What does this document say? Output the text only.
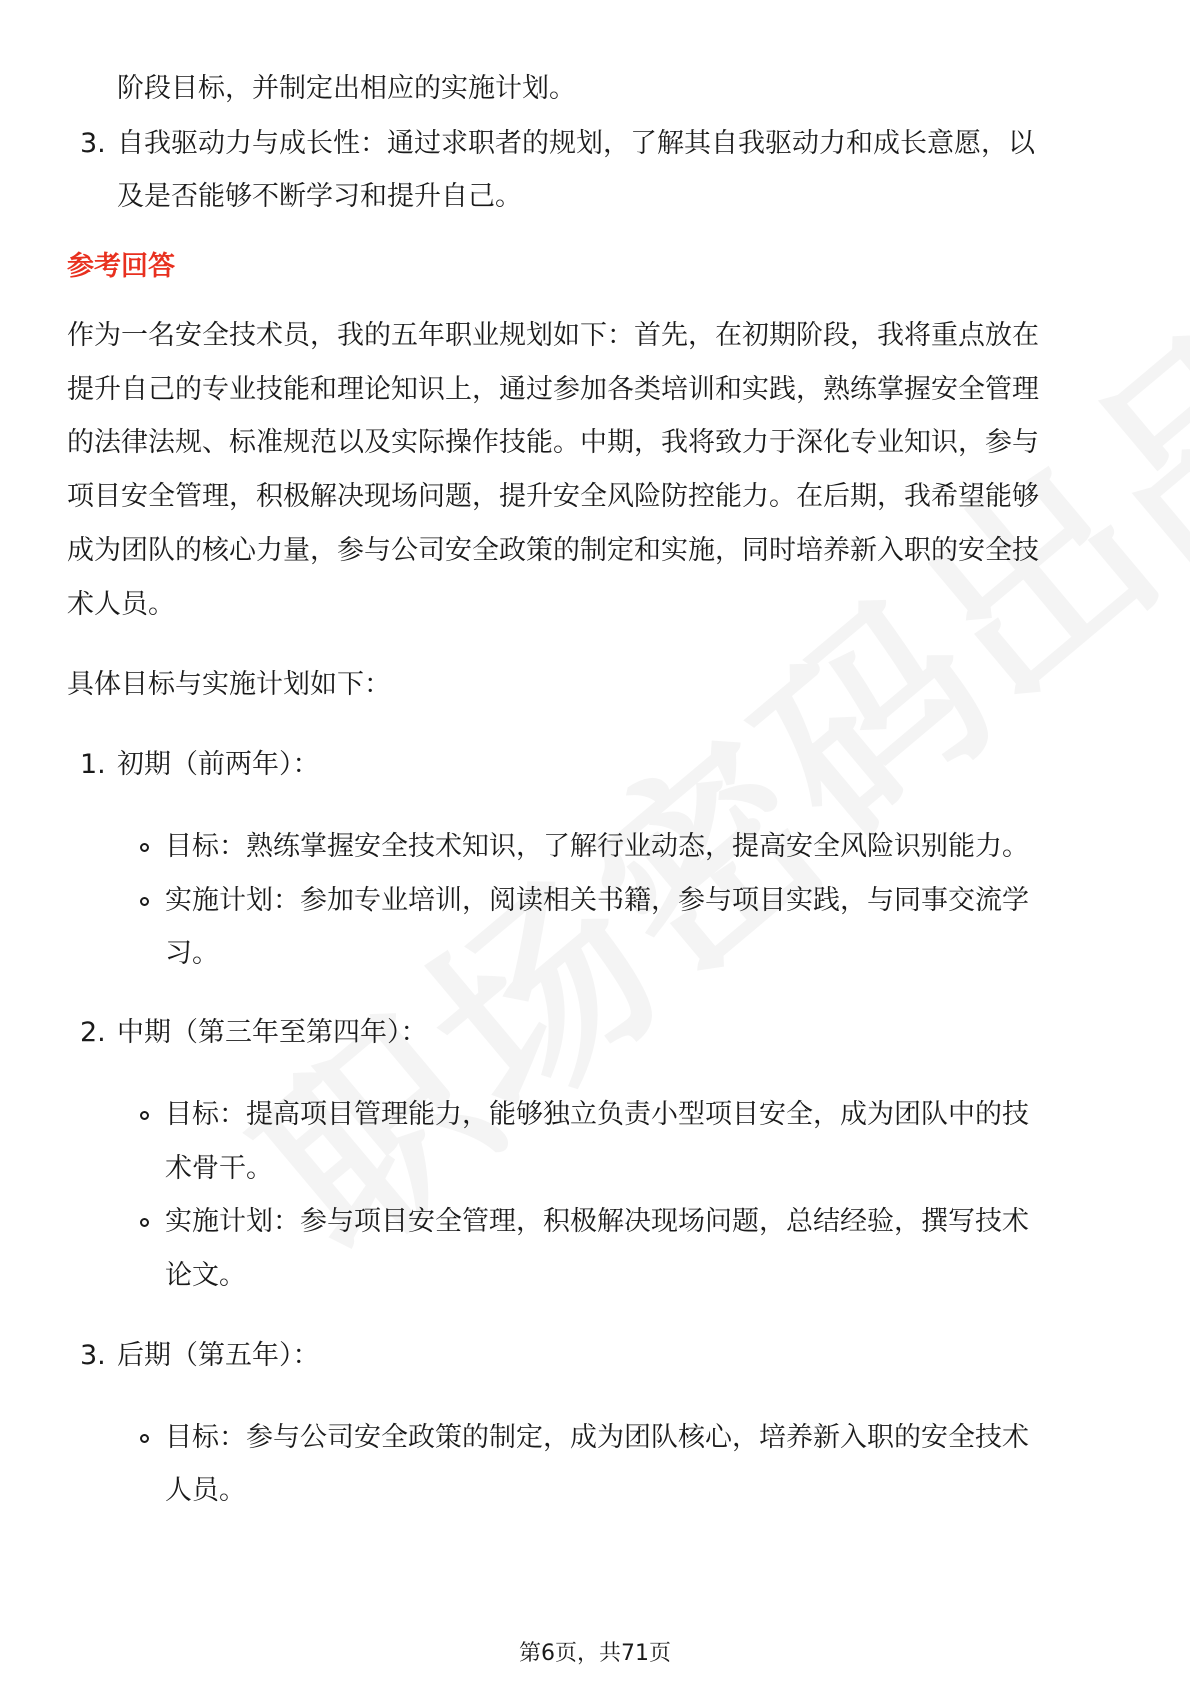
阶段目标，并制定出相应的实施计划。
3. 自我驱动力与成长性：通过求职者的规划，了解其自我驱动力和成长意愿，以
及是否能够不断学习和提升自己。
参考回答
作为一名安全技术员，我的五年职业规划如下：首先，在初期阶段，我将重点放在
提升自己的专业技能和理论知识上，通过参加各类培训和实践，熟练掌握安全管理
的法律法规、标准规范以及实际操作技能。中期，我将致力于深化专业知识，参与
项目安全管理，积极解决现场问题，提升安全风险防控能力。在后期，我希望能够
成为团队的核心力量，参与公司安全政策的制定和实施，同时培养新入职的安全技
术人员。
具体目标与实施计划如下：
1. 初期（前两年）：
目标：熟练掌握安全技术知识，了解行业动态，提高安全风险识别能力。
实施计划：参加专业培训，阅读相关书籍，参与项目实践，与同事交流学
习。
2. 中期（第三年至第四年）：
目标：提高项目管理能力，能够独立负责小型项目安全，成为团队中的技
术骨干。
实施计划：参与项目安全管理，积极解决现场问题，总结经验，撰写技术
论文。
3. 后期（第五年）：
目标：参与公司安全政策的制定，成为团队核心，培养新入职的安全技术
人员。
第6页，共71页
